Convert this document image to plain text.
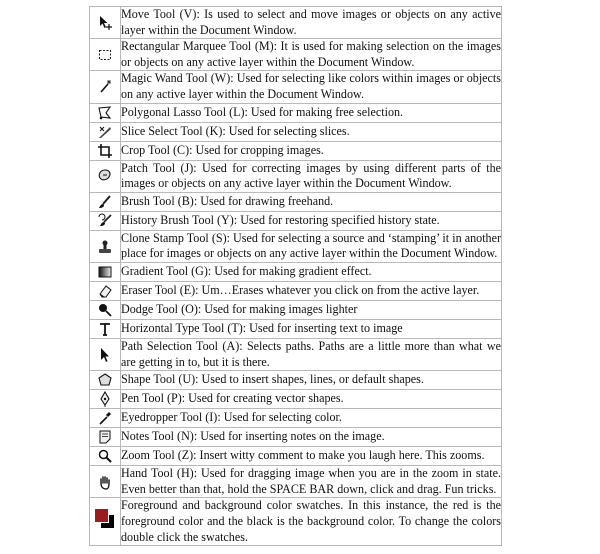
	Move Tool (V): Is used to select and move images or objects on any active layer within the Document Window.

	Rectangular Marquee Tool (M): It is used for making selection on the images or objects on any active layer within the Document Window.

	Magic Wand Tool (W): Used for selecting like colors within images or objects on any active layer within the Document Window.

	Polygonal Lasso Tool (L): Used for making free selection.

	Slice Select Tool (K): Used for selecting slices.

	Crop Tool (C): Used for cropping images.

	Patch Tool (J): Used for correcting images by using different parts of the images or objects on any active layer within the Document Window.

	Brush Tool (B): Used for drawing freehand.

	History Brush Tool (Y): Used for restoring specified history state.

	Clone Stamp Tool (S): Used for selecting a source and ‘stamping’ it in another place for images or objects on any active layer within the Document Window.

	Gradient Tool (G): Used for making gradient effect.

	Eraser Tool (E): Um…Erases whatever you click on from the active layer.

	Dodge Tool (O): Used for making images lighter

	Horizontal Type Tool (T): Used for inserting text to image

	Path Selection Tool (A): Selects paths. Paths are a little more than what we are getting in to, but it is there.

	Shape Tool (U): Used to insert shapes, lines, or default shapes.

	Pen Tool (P): Used for creating vector shapes.

	Eyedropper Tool (I): Used for selecting color.

	Notes Tool (N): Used for inserting notes on the image.

	Zoom Tool (Z): Insert witty comment to make you laugh here. This zooms.

	Hand Tool (H): Used for dragging image when you are in the zoom in state. Even better than that, hold the SPACE BAR down, click and drag. Fun tricks.

	Foreground and background color swatches. In this instance, the red is the foreground color and the black is the background color. To change the colors double click the swatches.
